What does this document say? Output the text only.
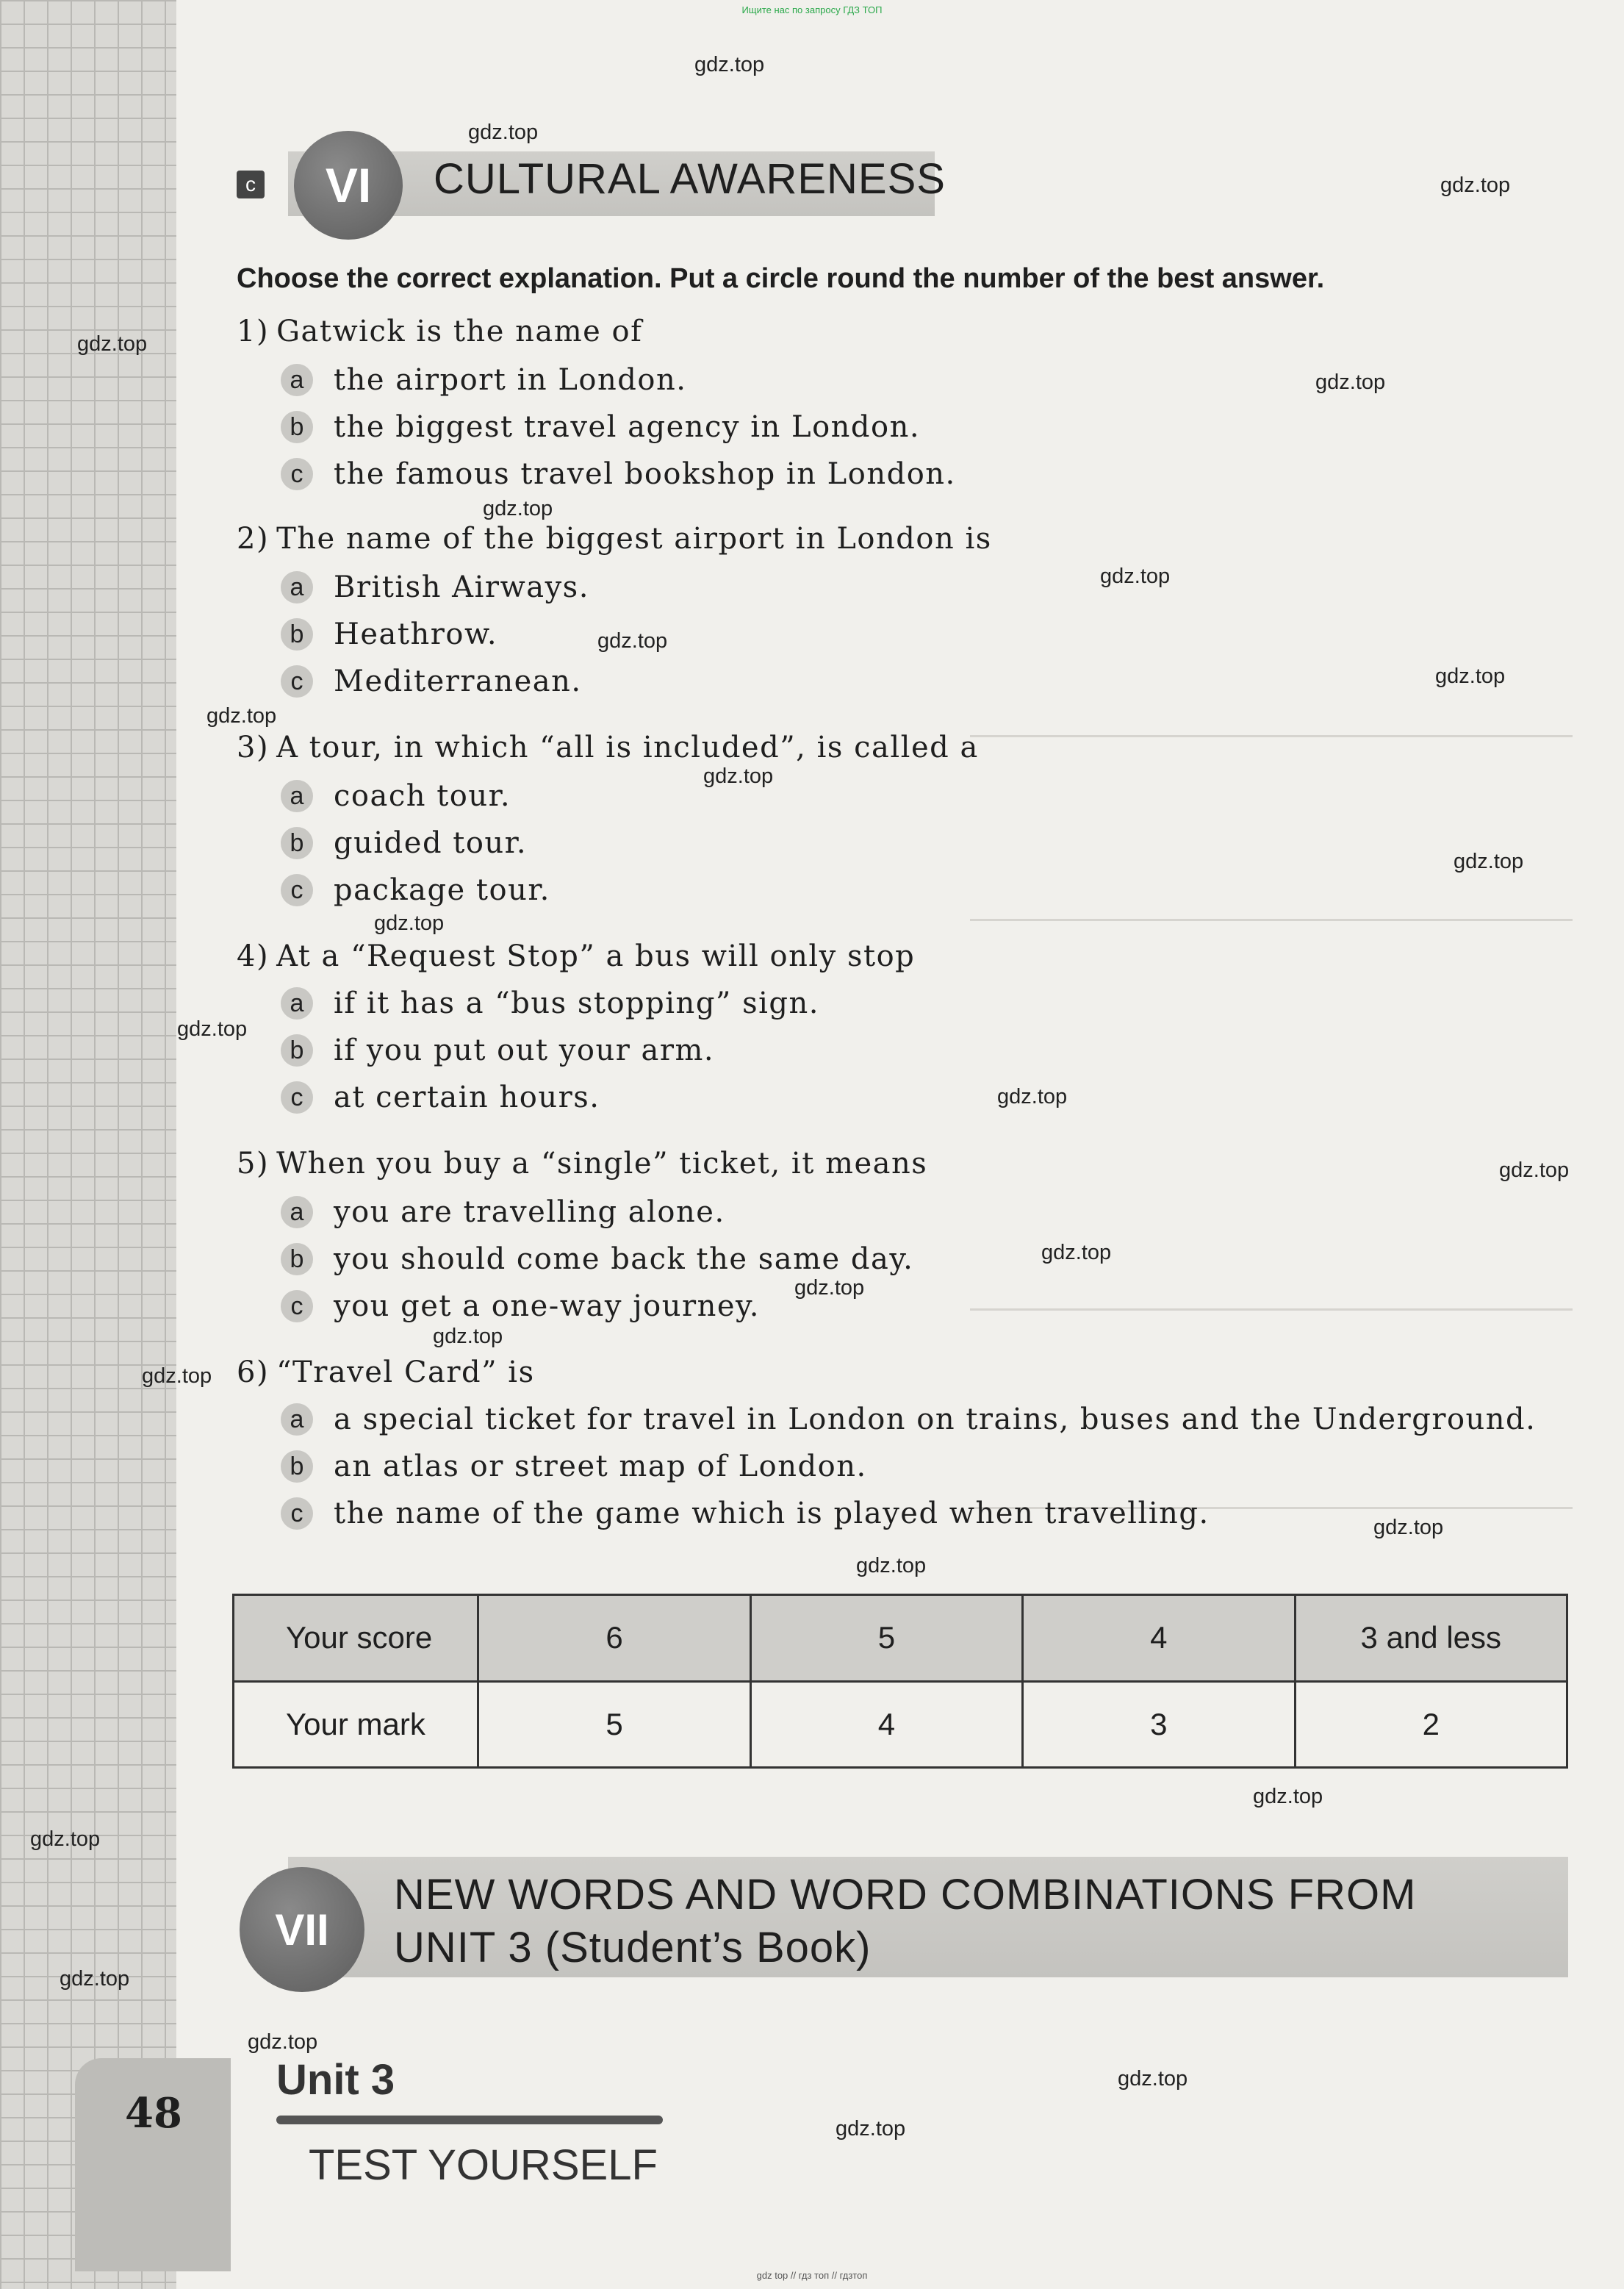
Ищите нас по запросу ГДЗ ТОП
gdz.top
gdz.top
gdz.top
gdz.top
gdz.top
gdz.top
gdz.top
gdz.top
gdz.top
gdz.top
gdz.top
gdz.top
gdz.top
gdz.top
gdz.top
gdz.top
gdz.top
gdz.top
gdz.top
gdz.top
gdz.top
gdz.top
gdz.top
gdz.top
gdz.top
gdz.top
gdz.top
gdz.top
c	VI	CULTURAL AWARENESS
Choose the correct explanation. Put a circle round the number of the best answer.
1) Gatwick is the name of
a	the airport in London.
b	the biggest travel agency in London.
c	the famous travel bookshop in London.
2) The name of the biggest airport in London is
a	British Airways.
b	Heathrow.
c	Mediterranean.
3) A tour, in which “all is included”, is called a
a	coach tour.
b	guided tour.
c	package tour.
4) At a “Request Stop” a bus will only stop
a	if it has a “bus stopping” sign.
b	if you put out your arm.
c	at certain hours.
5) When you buy a “single” ticket, it means
a	you are travelling alone.
b	you should come back the same day.
c	you get a one-way journey.
6) “Travel Card” is
a	a special ticket for travel in London on trains, buses and the Underground.
b	an atlas or street map of London.
c	the name of the game which is played when travelling.
Your score	6	5	4	3 and less
Your mark	5	4	3	2
VII
NEW WORDS AND WORD COMBINATIONS FROM
UNIT 3 (Student’s Book)
48
Unit 3
TEST YOURSELF
gdz top // гдз топ // гдзтоп
